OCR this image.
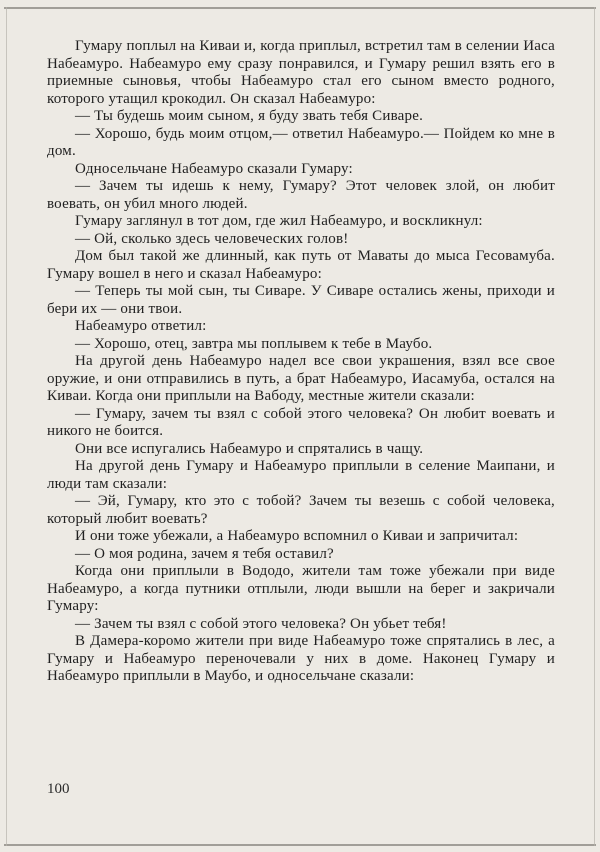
Гумару поплыл на Киваи и, когда приплыл, встретил там в селении Иаса Набеамуро. Набеамуро ему сразу понравился, и Гумару решил взять его в приемные сыновья, чтобы Набеамуро стал его сыном вместо родного, которого утащил крокодил. Он сказал Набеамуро:

— Ты будешь моим сыном, я буду звать тебя Сиваре.

— Хорошо, будь моим отцом,— ответил Набеамуро.— Пойдем ко мне в дом.

Односельчане Набеамуро сказали Гумару:

— Зачем ты идешь к нему, Гумару? Этот человек злой, он любит воевать, он убил много людей.

Гумару заглянул в тот дом, где жил Набеамуро, и воскликнул:

— Ой, сколько здесь человеческих голов!

Дом был такой же длинный, как путь от Маваты до мыса Гесовамуба. Гумару вошел в него и сказал Набеамуро:

— Теперь ты мой сын, ты Сиваре. У Сиваре остались жены, приходи и бери их — они твои.

Набеамуро ответил:

— Хорошо, отец, завтра мы поплывем к тебе в Маубо.

На другой день Набеамуро надел все свои украшения, взял все свое оружие, и они отправились в путь, а брат Набеамуро, Иасамуба, остался на Киваи. Когда они приплыли на Вабоду, местные жители сказали:

— Гумару, зачем ты взял с собой этого человека? Он любит воевать и никого не боится.

Они все испугались Набеамуро и спрятались в чащу.

На другой день Гумару и Набеамуро приплыли в селение Маипани, и люди там сказали:

— Эй, Гумару, кто это с тобой? Зачем ты везешь с собой человека, который любит воевать?

И они тоже убежали, а Набеамуро вспомнил о Киваи и запричитал:

— О моя родина, зачем я тебя оставил?

Когда они приплыли в Вододо, жители там тоже убежали при виде Набеамуро, а когда путники отплыли, люди вышли на берег и закричали Гумару:

— Зачем ты взял с собой этого человека? Он убьет тебя!

В Дамера-коромо жители при виде Набеамуро тоже спрятались в лес, а Гумару и Набеамуро переночевали у них в доме. Наконец Гумару и Набеамуро приплыли в Маубо, и односельчане сказали:

100
